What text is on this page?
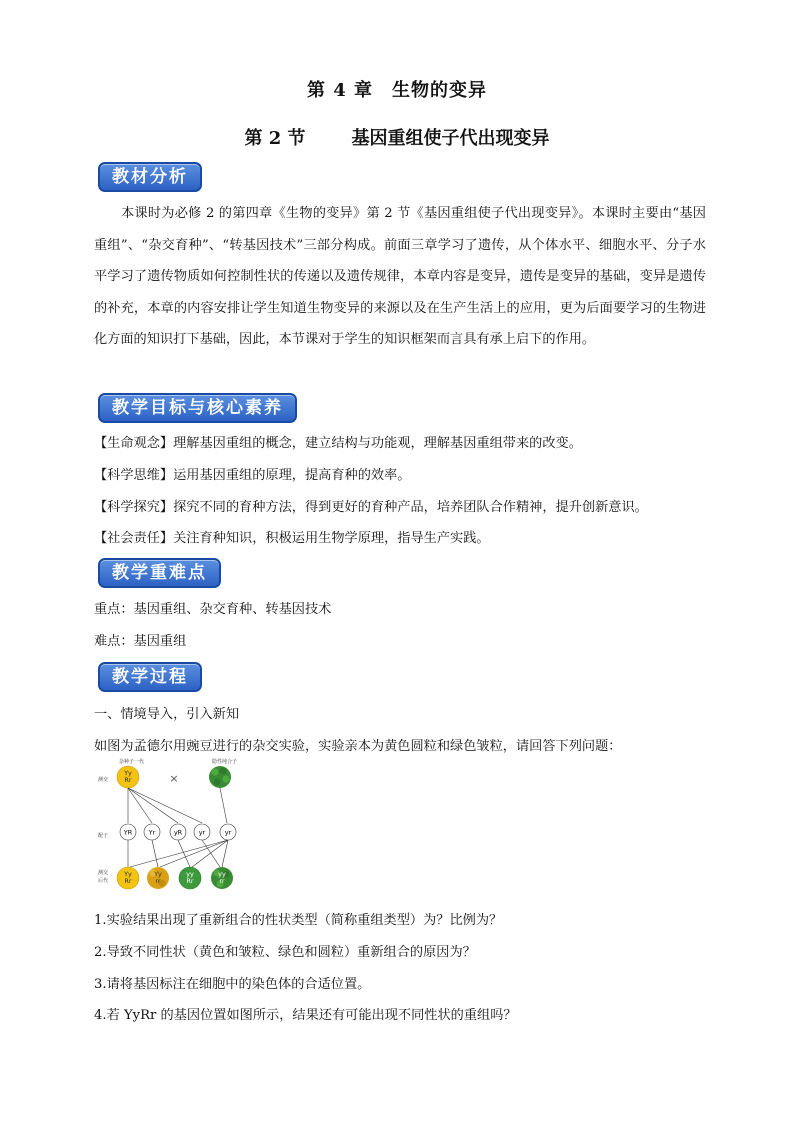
第 4 章　生物的变异
第 2 节	基因重组使子代出现变异
教材分析
本课时为必修 2 的第四章《生物的变异》第 2 节《基因重组使子代出现变异》。本课时主要由“基因重组”、“杂交育种”、“转基因技术”三部分构成。前面三章学习了遗传，从个体水平、细胞水平、分子水平学习了遗传物质如何控制性状的传递以及遗传规律，本章内容是变异，遗传是变异的基础，变异是遗传的补充，本章的内容安排让学生知道生物变异的来源以及在生产生活上的应用，更为后面要学习的生物进化方面的知识打下基础，因此，本节课对于学生的知识框架而言具有承上启下的作用。
教学目标与核心素养
【生命观念】理解基因重组的概念，建立结构与功能观，理解基因重组带来的改变。
【科学思维】运用基因重组的原理，提高育种的效率。
【科学探究】探究不同的育种方法，得到更好的育种产品，培养团队合作精神，提升创新意识。
【社会责任】关注育种知识，积极运用生物学原理，指导生产实践。
教学重难点
重点：基因重组、杂交育种、转基因技术
难点：基因重组
教学过程
一、情境导入，引入新知
如图为孟德尔用豌豆进行的杂交实验，实验亲本为黄色圆粒和绿色皱粒，请回答下列问题：
杂种子一代	隐性纯合子
测交
配子
测交
后代
Yy
Rr	×
YR	Yr	yR	yr	yr
Yy
Rr
Yy
rr
yy
Rr
yy
rr
1.实验结果出现了重新组合的性状类型（简称重组类型）为？比例为？
2.导致不同性状（黄色和皱粒、绿色和圆粒）重新组合的原因为？
3.请将基因标注在细胞中的染色体的合适位置。
4.若 YyRr 的基因位置如图所示，结果还有可能出现不同性状的重组吗？
